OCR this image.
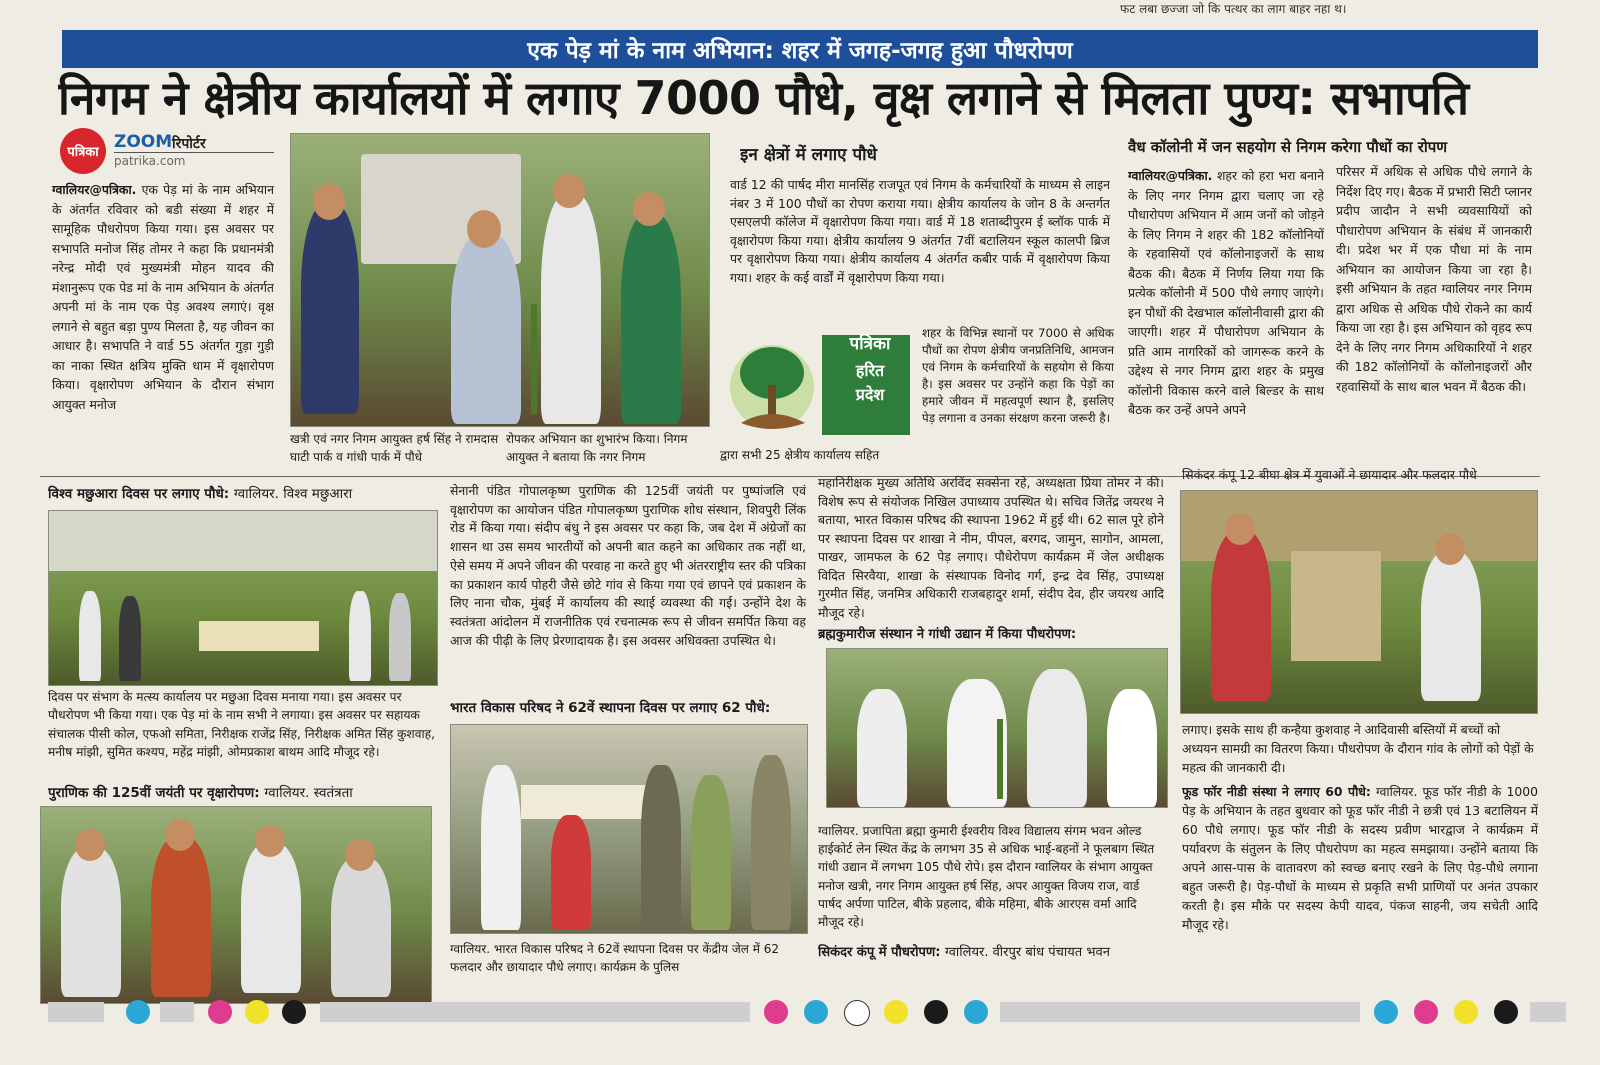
फट लबा छज्जा जो कि पत्थर का लाग बाहर नहा थ।
एक पेड़ मां के नाम अभियान: शहर में जगह-जगह हुआ पौधरोपण
निगम ने क्षेत्रीय कार्यालयों में लगाए 7000 पौधे, वृक्ष लगाने से मिलता पुण्य: सभापति
पत्रिका
ZOOM रिपोर्टर
patrika.com
ग्वालियर@पत्रिका. एक पेड़ मां के नाम अभियान के अंतर्गत रविवार को बडी संख्या में शहर में सामूहिक पौधरोपण किया गया। इस अवसर पर सभापति मनोज सिंह तोमर ने कहा कि प्रधानमंत्री नरेन्द्र मोदी एवं मुख्यमंत्री मोहन यादव की मंशानुरूप एक पेड मां के नाम अभियान के अंतर्गत अपनी मां के नाम एक पेड़ अवश्य लगाएं। वृक्ष लगाने से बहुत बड़ा पुण्य मिलता है, यह जीवन का आधार है। सभापति ने वार्ड 55 अंतर्गत गुड़ा गुड़ी का नाका स्थित क्षत्रिय मुक्ति धाम में वृक्षारोपण किया। वृक्षारोपण अभियान के दौरान संभाग आयुक्त मनोज
खत्री एवं नगर निगम आयुक्त हर्ष सिंह ने रामदास घाटी पार्क व गांधी पार्क में पौधे
रोपकर अभियान का शुभारंभ किया। निगम आयुक्त ने बताया कि नगर निगम
इन क्षेत्रों में लगाए पौधे
वार्ड 12 की पार्षद मीरा मानसिंह राजपूत एवं निगम के कर्मचारियों के माध्यम से लाइन नंबर 3 में 100 पौधों का रोपण कराया गया। क्षेत्रीय कार्यालय के जोन 8 के अन्तर्गत एसएलपी कॉलेज में वृक्षारोपण किया गया। वार्ड में 18 शताब्दीपुरम ई ब्लॉक पार्क में वृक्षारोपण किया गया। क्षेत्रीय कार्यालय 9 अंतर्गत 7वीं बटालियन स्कूल कालपी ब्रिज पर वृक्षारोपण किया गया। क्षेत्रीय कार्यालय 4 अंतर्गत कबीर पार्क में वृक्षारोपण किया गया। शहर के कई वार्डों में वृक्षारोपण किया गया।
पत्रिका
हरित
प्रदेश
शहर के विभिन्न स्थानों पर 7000 से अधिक पौधों का रोपण क्षेत्रीय जनप्रतिनिधि, आमजन एवं निगम के कर्मचारियों के सहयोग से किया है। इस अवसर पर उन्होंने कहा कि पेड़ों का हमारे जीवन में महत्वपूर्ण स्थान है, इसलिए पेड़ लगाना व उनका संरक्षण करना जरूरी है।
द्वारा सभी 25 क्षेत्रीय कार्यालय सहित
वैध कॉलोनी में जन सहयोग से निगम करेगा पौधों का रोपण
ग्वालियर@पत्रिका. शहर को हरा भरा बनाने के लिए नगर निगम द्वारा चलाए जा रहे पौधारोपण अभियान में आम जनों को जोड़ने के लिए निगम ने शहर की 182 कॉलोनियों के रहवासियों एवं कॉलोनाइजरों के साथ बैठक की। बैठक में निर्णय लिया गया कि प्रत्येक कॉलोनी में 500 पौधे लगाए जाएंगे। इन पौधों की देखभाल कॉलोनीवासी द्वारा की जाएगी। शहर में पौधारोपण अभियान के प्रति आम नागरिकों को जागरूक करने के उद्देश्य से नगर निगम द्वारा शहर के प्रमुख कॉलोनी विकास करने वाले बिल्डर के साथ बैठक कर उन्हें अपने अपने
परिसर में अधिक से अधिक पौधे लगाने के निर्देश दिए गए। बैठक में प्रभारी सिटी प्लानर प्रदीप जादौन ने सभी व्यवसायियों को पौधारोपण अभियान के संबंध में जानकारी दी। प्रदेश भर में एक पौधा मां के नाम अभियान का आयोजन किया जा रहा है। इसी अभियान के तहत ग्वालियर नगर निगम द्वारा अधिक से अधिक पौधे रोकने का कार्य किया जा रहा है। इस अभियान को वृहद रूप देने के लिए नगर निगम अधिकारियों ने शहर की 182 कॉलोनियों के कॉलोनाइजरों और रहवासियों के साथ बाल भवन में बैठक की।
विश्व मछुआरा दिवस पर लगाए पौधे: ग्वालियर. विश्व मछुआरा
दिवस पर संभाग के मत्स्य कार्यालय पर मछुआ दिवस मनाया गया। इस अवसर पर पौधरोपण भी किया गया। एक पेड़ मां के नाम सभी ने लगाया। इस अवसर पर सहायक संचालक पीसी कोल, एफओ समिता, निरीक्षक राजेंद्र सिंह, निरीक्षक अमित सिंह कुशवाह, मनीष मांझी, सुमित कश्यप, महेंद्र मांझी, ओमप्रकाश बाथम आदि मौजूद रहे।
पुराणिक की 125वीं जयंती पर वृक्षारोपण: ग्वालियर. स्वतंत्रता
सेनानी पंडित गोपालकृष्ण पुराणिक की 125वीं जयंती पर पुष्पांजलि एवं वृक्षारोपण का आयोजन पंडित गोपालकृष्ण पुराणिक शोध संस्थान, शिवपुरी लिंक रोड में किया गया। संदीप बंधु ने इस अवसर पर कहा कि, जब देश में अंग्रेजों का शासन था उस समय भारतीयों को अपनी बात कहने का अधिकार तक नहीं था, ऐसे समय में अपने जीवन की परवाह ना करते हुए भी अंतरराष्ट्रीय स्तर की पत्रिका का प्रकाशन कार्य पोहरी जैसे छोटे गांव से किया गया एवं छापने एवं प्रकाशन के लिए नाना चौक, मुंबई में कार्यालय की स्थाई व्यवस्था की गई। उन्होंने देश के स्वतंत्रता आंदोलन में राजनीतिक एवं रचनात्मक रूप से जीवन समर्पित किया वह आज की पीढ़ी के लिए प्रेरणादायक है। इस अवसर अधिवक्ता उपस्थित थे।
भारत विकास परिषद ने 62वें स्थापना दिवस पर लगाए 62 पौधे:
ग्वालियर. भारत विकास परिषद ने 62वें स्थापना दिवस पर केंद्रीय जेल में 62 फलदार और छायादार पौधे लगाए। कार्यक्रम के पुलिस
महानिरीक्षक मुख्य अतिथि अरविंद सक्सेना रहे, अध्यक्षता प्रिया तोमर ने की। विशेष रूप से संयोजक निखिल उपाध्याय उपस्थित थे। सचिव जितेंद्र जयरथ ने बताया, भारत विकास परिषद की स्थापना 1962 में हुई थी। 62 साल पूरे होने पर स्थापना दिवस पर शाखा ने नीम, पीपल, बरगद, जामुन, सागोन, आमला, पाखर, जामफल के 62 पेड़ लगाए। पौधेरोपण कार्यक्रम में जेल अधीक्षक विदित सिरवैया, शाखा के संस्थापक विनोद गर्ग, इन्द्र देव सिंह, उपाध्यक्ष गुरमीत सिंह, जनमित्र अधिकारी राजबहादुर शर्मा, संदीप देव, हीर जयरथ आदि मौजूद रहे।
ब्रह्मकुमारीज संस्थान ने गांधी उद्यान में किया पौधरोपण:
ग्वालियर. प्रजापिता ब्रह्मा कुमारी ईश्वरीय विश्व विद्यालय संगम भवन ओल्ड हाईकोर्ट लेन स्थित केंद्र के लगभग 35 से अधिक भाई-बहनों ने फूलबाग स्थित गांधी उद्यान में लगभग 105 पौधे रोपे। इस दौरान ग्वालियर के संभाग आयुक्त मनोज खत्री, नगर निगम आयुक्त हर्ष सिंह, अपर आयुक्त विजय राज, वार्ड पार्षद अर्पणा पाटिल, बीके प्रहलाद, बीके महिमा, बीके आरएस वर्मा आदि मौजूद रहे।
सिकंदर कंपू में पौधरोपण: ग्वालियर. वीरपुर बांध पंचायत भवन
सिकंदर कंपू 12 बीघा क्षेत्र में युवाओं ने छायादार और फलदार पौधे
लगाए। इसके साथ ही कन्हैया कुशवाह ने आदिवासी बस्तियों में बच्चों को अध्ययन सामग्री का वितरण किया। पौधरोपण के दौरान गांव के लोगों को पेड़ों के महत्व की जानकारी दी।
फूड फॉर नीडी संस्था ने लगाए 60 पौधे: ग्वालियर. फूड फॉर नीडी के 1000 पेड़ के अभियान के तहत बुधवार को फूड फॉर नीडी ने छत्री एवं 13 बटालियन में 60 पौधे लगाए। फूड फॉर नीडी के सदस्य प्रवीण भारद्वाज ने कार्यक्रम में पर्यावरण के संतुलन के लिए पौधरोपण का महत्व समझाया। उन्होंने बताया कि अपने आस-पास के वातावरण को स्वच्छ बनाए रखने के लिए पेड़-पौधे लगाना बहुत जरूरी है। पेड़-पौधों के माध्यम से प्रकृति सभी प्राणियों पर अनंत उपकार करती है। इस मौके पर सदस्य केपी यादव, पंकज साहनी, जय सचेती आदि मौजूद रहे।
